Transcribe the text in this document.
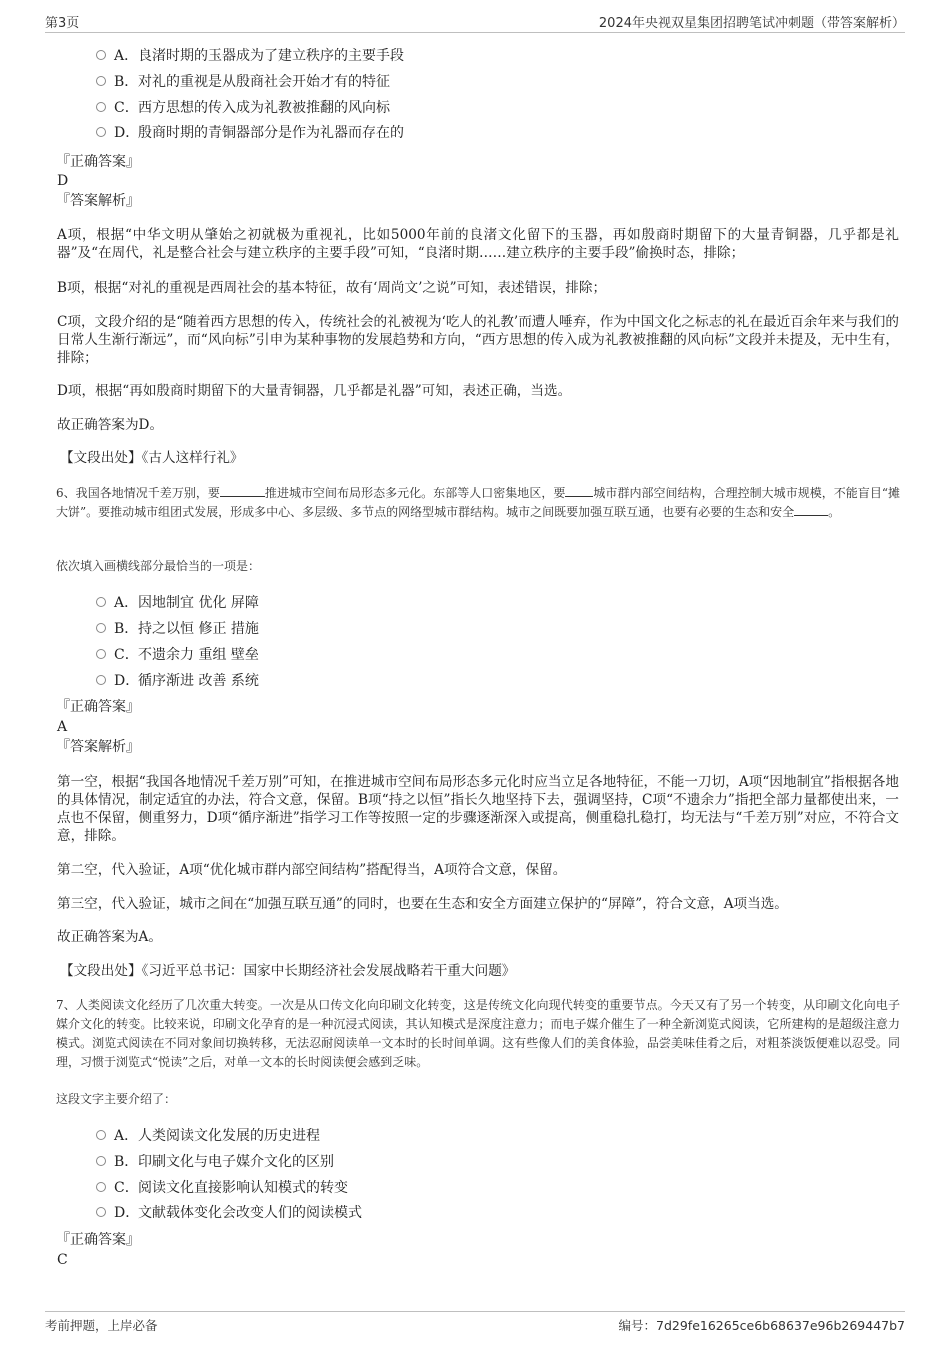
第3页	2024年央视双星集团招聘笔试冲刺题（带答案解析）
A．良渚时期的玉器成为了建立秩序的主要手段
B．对礼的重视是从殷商社会开始才有的特征
C．西方思想的传入成为礼教被推翻的风向标
D．殷商时期的青铜器部分是作为礼器而存在的
『正确答案』
D
『答案解析』
A项，根据“中华文明从肇始之初就极为重视礼，比如5000年前的良渚文化留下的玉器，再如殷商时期留下的大量青铜器，几乎都是礼器”及“在周代，礼是整合社会与建立秩序的主要手段”可知，“良渚时期……建立秩序的主要手段”偷换时态，排除；
B项，根据“对礼的重视是西周社会的基本特征，故有‘周尚文’之说”可知，表述错误，排除；
C项，文段介绍的是“随着西方思想的传入，传统社会的礼被视为‘吃人的礼教’而遭人唾弃，作为中国文化之标志的礼在最近百余年来与我们的日常人生渐行渐远”，而“风向标”引申为某种事物的发展趋势和方向，“西方思想的传入成为礼教被推翻的风向标”文段并未提及，无中生有，排除；
D项，根据“再如殷商时期留下的大量青铜器，几乎都是礼器”可知，表述正确，当选。
故正确答案为D。
【文段出处】《古人这样行礼》
6、我国各地情况千差万别，要	推进城市空间布局形态多元化。东部等人口密集地区，要 城市群内部空间结构，合理控制大城市规模，不能盲目“摊大饼”。要推动城市组团式发展，形成多中心、多层级、多节点的网络型城市群结构。城市之间既要加强互联互通，也要有必要的生态和安全	。
依次填入画横线部分最恰当的一项是：
A．因地制宜 优化 屏障
B．持之以恒 修正 措施
C．不遗余力 重组 壁垒
D．循序渐进 改善 系统
『正确答案』
A
『答案解析』
第一空，根据“我国各地情况千差万别”可知，在推进城市空间布局形态多元化时应当立足各地特征，不能一刀切，A项“因地制宜”指根据各地的具体情况，制定适宜的办法，符合文意，保留。B项“持之以恒”指长久地坚持下去，强调坚持，C项“不遗余力”指把全部力量都使出来，一点也不保留，侧重努力，D项“循序渐进”指学习工作等按照一定的步骤逐渐深入或提高，侧重稳扎稳打，均无法与“千差万别”对应，不符合文意，排除。
第二空，代入验证，A项“优化城市群内部空间结构”搭配得当，A项符合文意，保留。
第三空，代入验证，城市之间在“加强互联互通”的同时，也要在生态和安全方面建立保护的“屏障”，符合文意，A项当选。
故正确答案为A。
【文段出处】《习近平总书记：国家中长期经济社会发展战略若干重大问题》
7、人类阅读文化经历了几次重大转变。一次是从口传文化向印刷文化转变，这是传统文化向现代转变的重要节点。今天又有了另一个转变，从印刷文化向电子媒介文化的转变。比较来说，印刷文化孕育的是一种沉浸式阅读，其认知模式是深度注意力；而电子媒介催生了一种全新浏览式阅读，它所建构的是超级注意力模式。浏览式阅读在不同对象间切换转移，无法忍耐阅读单一文本时的长时间单调。这有些像人们的美食体验，品尝美味佳肴之后，对粗茶淡饭便难以忍受。同理，习惯于浏览式“悦读”之后，对单一文本的长时阅读便会感到乏味。
这段文字主要介绍了：
A．人类阅读文化发展的历史进程
B．印刷文化与电子媒介文化的区别
C．阅读文化直接影响认知模式的转变
D．文献载体变化会改变人们的阅读模式
『正确答案』
C
考前押题，上岸必备	编号：7d29fe16265ce6b68637e96b269447b7
